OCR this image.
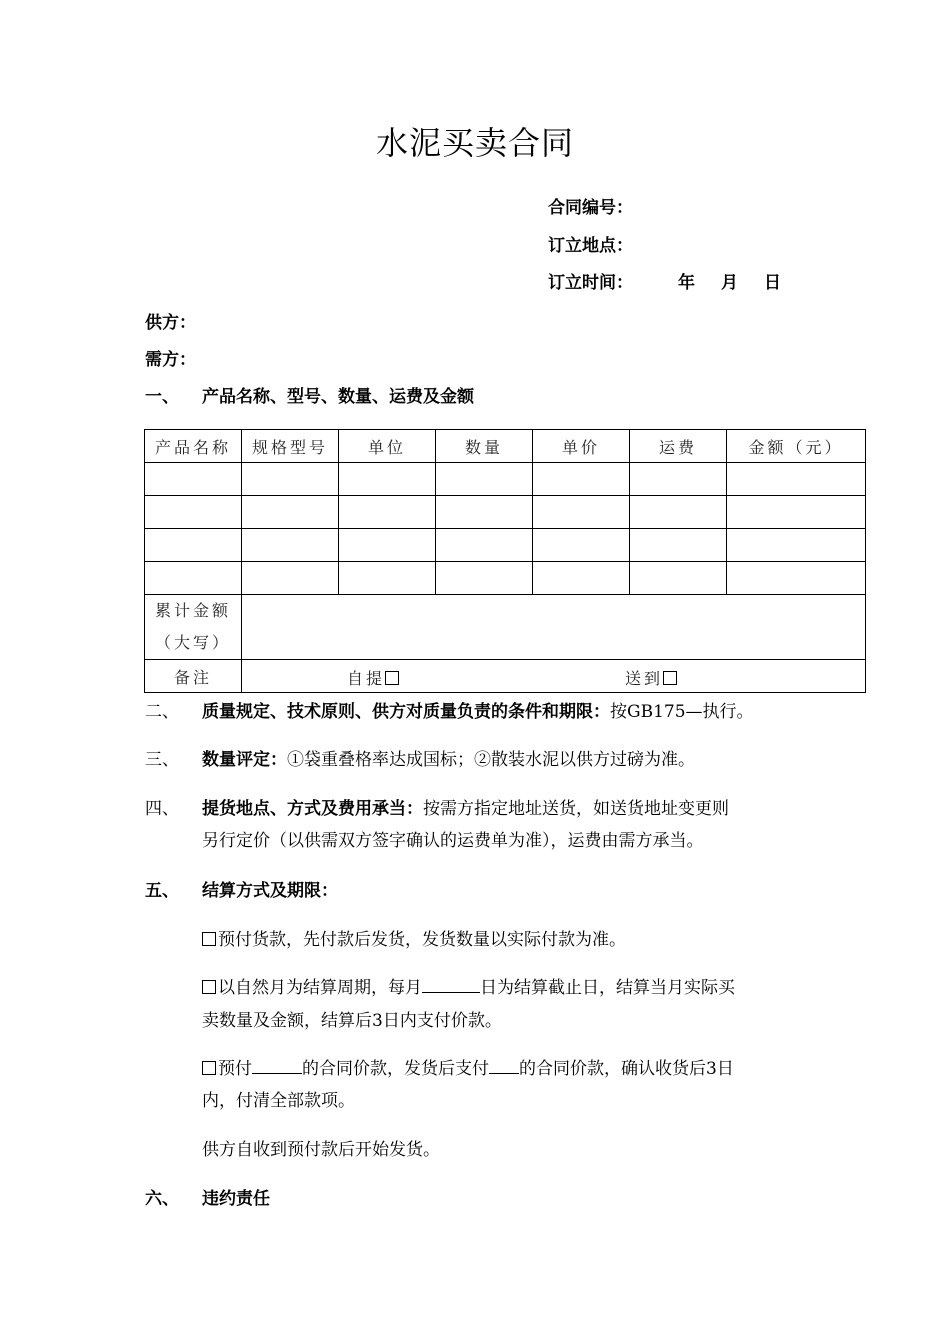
水泥买卖合同
合同编号：
订立地点：
订立时间：	年 月 日
供方：
需方：
一、 产品名称、型号、数量、运费及金额
产品名称	规格型号	单位	数量	单价	运费	金额（元）

累计金额
（大写）						

备注	自提 送到					
二、 质量规定、技术原则、供方对质量负责的条件和期限：按GB175—执行。
三、 数量评定：①袋重叠格率达成国标；②散装水泥以供方过磅为准。
四、 提货地点、方式及费用承当：按需方指定地址送货，如送货地址变更则
另行定价（以供需双方签字确认的运费单为准），运费由需方承当。
五、 结算方式及期限：
预付货款，先付款后发货，发货数量以实际付款为准。
以自然月为结算周期，每月	日为结算截止日，结算当月实际买
卖数量及金额，结算后3日内支付价款。
预付	的合同价款，发货后支付 的合同价款，确认收货后3日
内，付清全部款项。
供方自收到预付款后开始发货。
六、 违约责任
